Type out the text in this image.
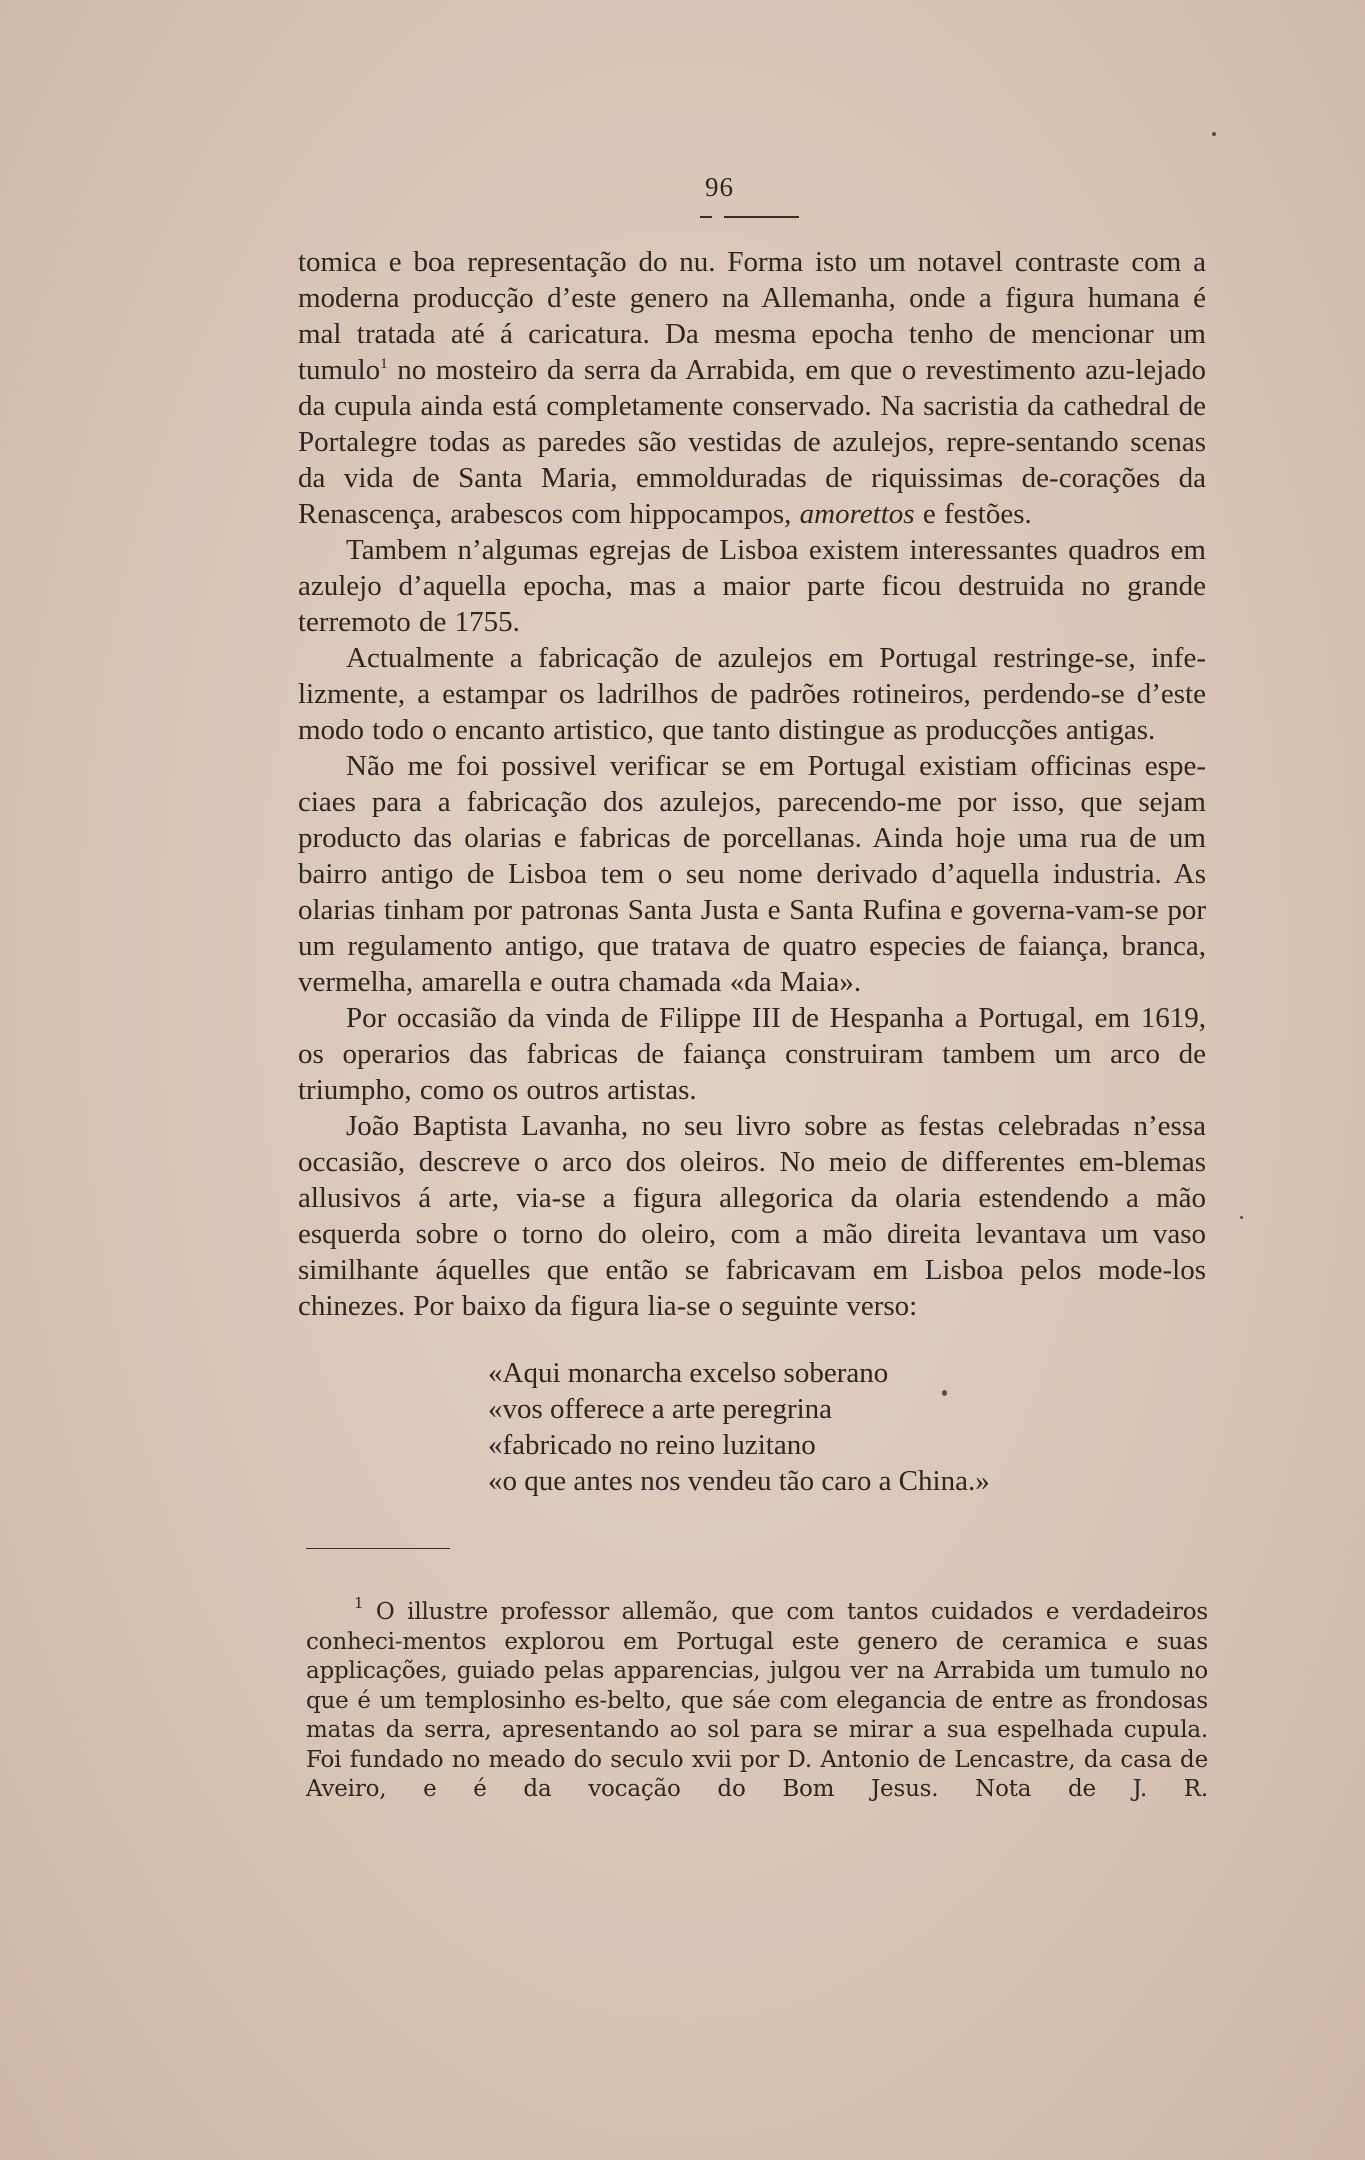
96

tomica e boa representação do nu. Forma isto um notavel contraste com a moderna producção d’este genero na Allemanha, onde a figura humana é mal tratada até á caricatura. Da mesma epocha tenho de mencionar um tumulo$^1$ no mosteiro da serra da Arrabida, em que o revestimento azu-lejado da cupula ainda está completamente conservado. Na sacristia da cathedral de Portalegre todas as paredes são vestidas de azulejos, repre-sentando scenas da vida de Santa Maria, emmolduradas de riquissimas de-corações da Renascença, arabescos com hippocampos, amorettos e festões.

Tambem n’algumas egrejas de Lisboa existem interessantes quadros em azulejo d’aquella epocha, mas a maior parte ficou destruida no grande terremoto de 1755.

Actualmente a fabricação de azulejos em Portugal restringe-se, infe-lizmente, a estampar os ladrilhos de padrões rotineiros, perdendo-se d’este modo todo o encanto artistico, que tanto distingue as producções antigas.

Não me foi possivel verificar se em Portugal existiam officinas espe-ciaes para a fabricação dos azulejos, parecendo-me por isso, que sejam producto das olarias e fabricas de porcellanas. Ainda hoje uma rua de um bairro antigo de Lisboa tem o seu nome derivado d’aquella industria. As olarias tinham por patronas Santa Justa e Santa Rufina e governa-vam-se por um regulamento antigo, que tratava de quatro especies de faiança, branca, vermelha, amarella e outra chamada «da Maia».

Por occasião da vinda de Filippe III de Hespanha a Portugal, em 1619, os operarios das fabricas de faiança construiram tambem um arco de triumpho, como os outros artistas.

João Baptista Lavanha, no seu livro sobre as festas celebradas n’essa occasião, descreve o arco dos oleiros. No meio de differentes em-blemas allusivos á arte, via-se a figura allegorica da olaria estendendo a mão esquerda sobre o torno do oleiro, com a mão direita levantava um vaso similhante áquelles que então se fabricavam em Lisboa pelos mode-los chinezes. Por baixo da figura lia-se o seguinte verso:

«Aqui monarcha excelso soberano
«vos offerece a arte peregrina
«fabricado no reino luzitano
«o que antes nos vendeu tão caro a China.»
$^1$ O illustre professor allemão, que com tantos cuidados e verdadeiros conheci-mentos explorou em Portugal este genero de ceramica e suas applicações, guiado pelas apparencias, julgou ver na Arrabida um tumulo no que é um templosinho es-belto, que sáe com elegancia de entre as frondosas matas da serra, apresentando ao sol para se mirar a sua espelhada cupula. Foi fundado no meado do seculo xvii por D. Antonio de Lencastre, da casa de Aveiro, e é da vocação do Bom Jesus. Nota de J. R.
